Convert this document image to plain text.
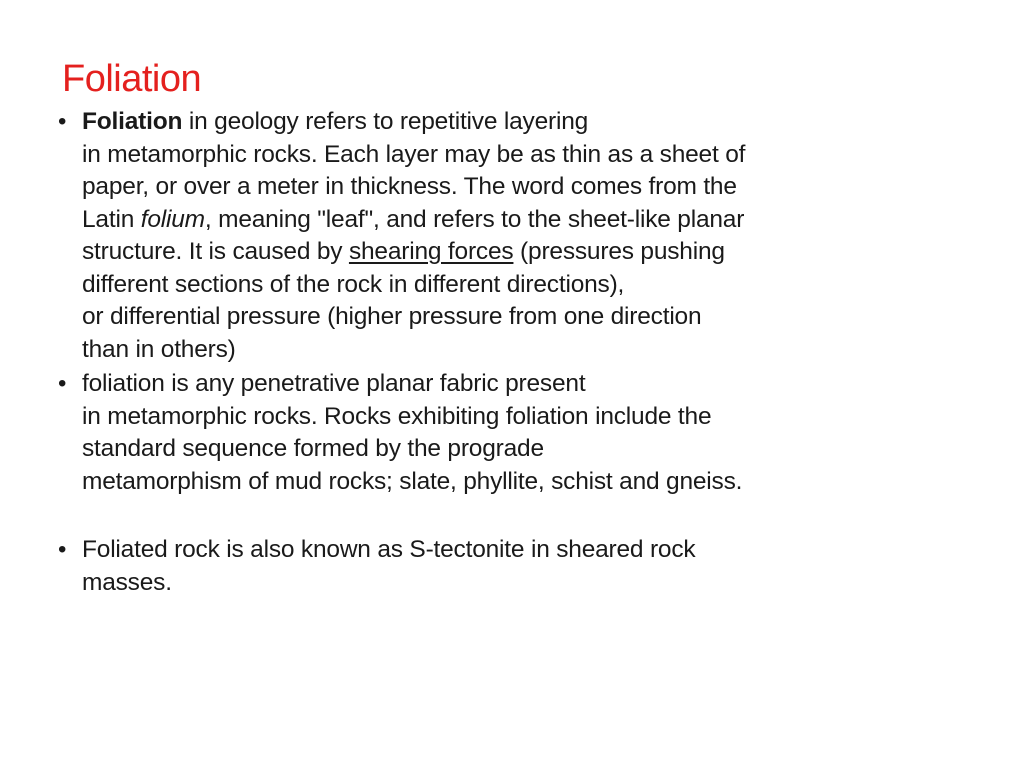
Foliation
• Foliation in geology refers to repetitive layering
in metamorphic rocks. Each layer may be as thin as a sheet of
paper, or over a meter in thickness. The word comes from the
Latin folium, meaning "leaf", and refers to the sheet-like planar
structure. It is caused by shearing forces (pressures pushing
different sections of the rock in different directions),
or differential pressure (higher pressure from one direction
than in others)
• foliation is any penetrative planar fabric present
in metamorphic rocks. Rocks exhibiting foliation include the
standard sequence formed by the prograde
metamorphism of mud rocks; slate, phyllite, schist and gneiss.
• Foliated rock is also known as S-tectonite in sheared rock
masses.
